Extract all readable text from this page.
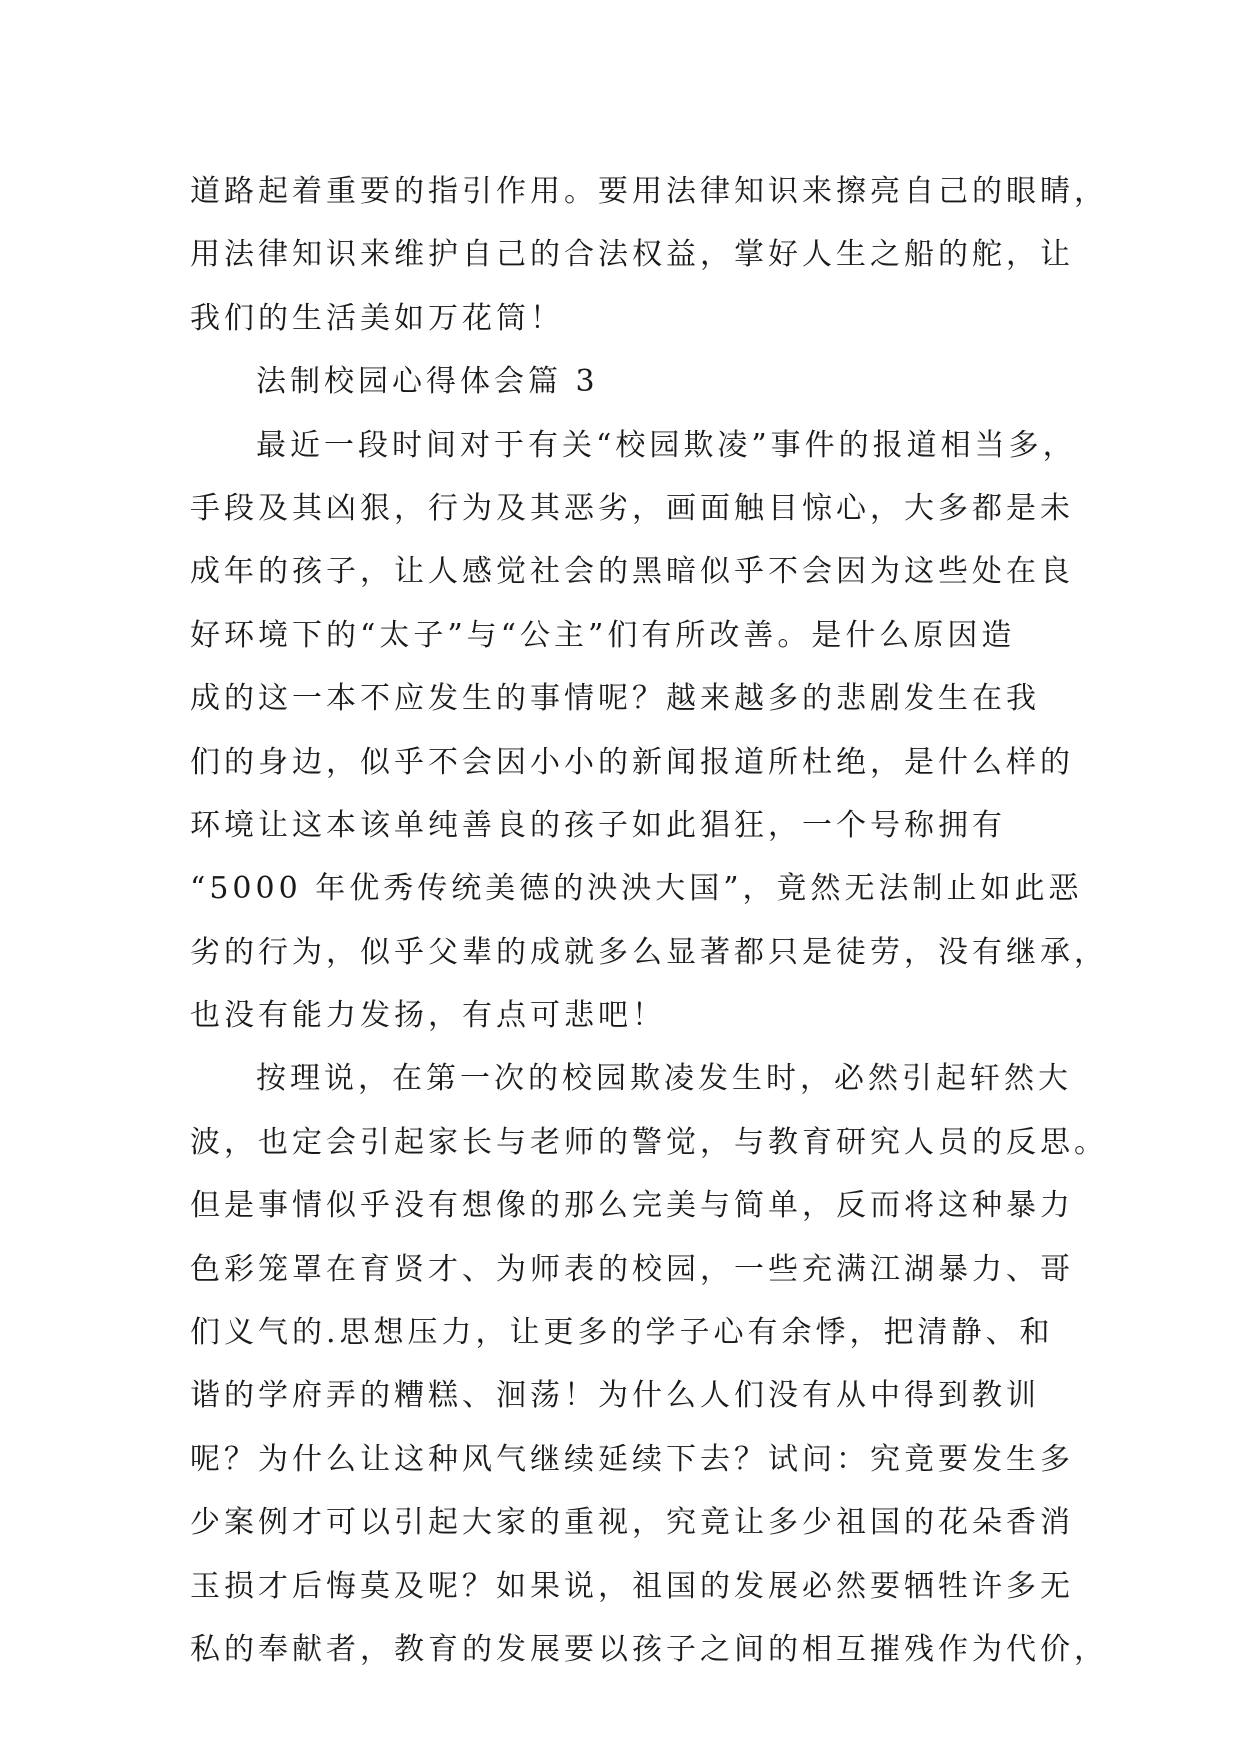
道路起着重要的指引作用。要用法律知识来擦亮自己的眼睛，
用法律知识来维护自己的合法权益，掌好人生之船的舵，让
我们的生活美如万花筒！
法制校园心得体会篇 3
最近一段时间对于有关“校园欺凌”事件的报道相当多，
手段及其凶狠，行为及其恶劣，画面触目惊心，大多都是未
成年的孩子，让人感觉社会的黑暗似乎不会因为这些处在良
好环境下的“太子”与“公主”们有所改善。是什么原因造
成的这一本不应发生的事情呢？越来越多的悲剧发生在我
们的身边，似乎不会因小小的新闻报道所杜绝，是什么样的
环境让这本该单纯善良的孩子如此猖狂，一个号称拥有
“5000 年优秀传统美德的泱泱大国”，竟然无法制止如此恶
劣的行为，似乎父辈的成就多么显著都只是徒劳，没有继承，
也没有能力发扬，有点可悲吧！
按理说，在第一次的校园欺凌发生时，必然引起轩然大
波，也定会引起家长与老师的警觉，与教育研究人员的反思。
但是事情似乎没有想像的那么完美与简单，反而将这种暴力
色彩笼罩在育贤才、为师表的校园，一些充满江湖暴力、哥
们义气的.思想压力，让更多的学子心有余悸，把清静、和
谐的学府弄的糟糕、洄荡！为什么人们没有从中得到教训
呢？为什么让这种风气继续延续下去？试问：究竟要发生多
少案例才可以引起大家的重视，究竟让多少祖国的花朵香消
玉损才后悔莫及呢？如果说，祖国的发展必然要牺牲许多无
私的奉献者，教育的发展要以孩子之间的相互摧残作为代价，
